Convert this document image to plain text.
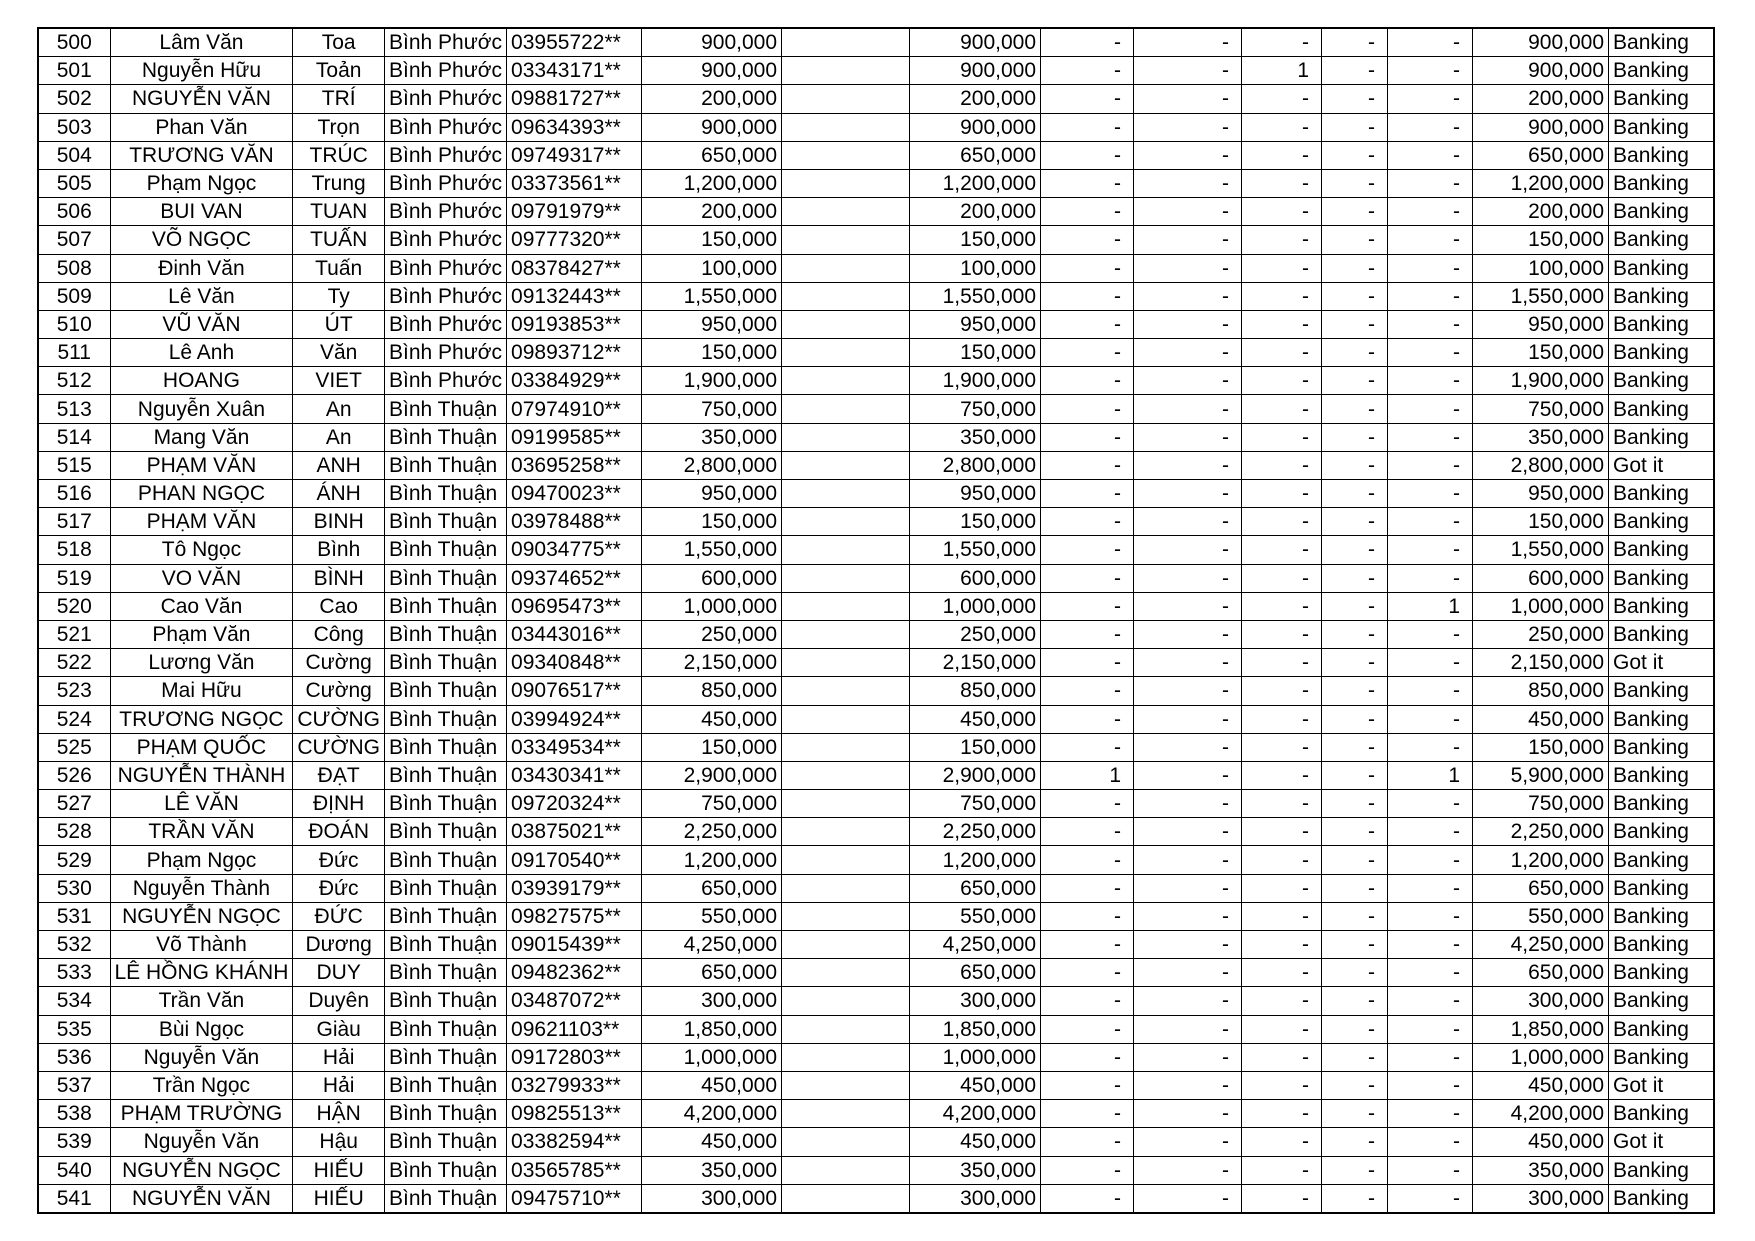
500	Lâm Văn	Toa	Bình Phước	03955722**	900,000		900,000	-	-	-	-	-	900,000	Banking
501	Nguyễn Hữu	Toản	Bình Phước	03343171**	900,000		900,000	-	-	1	-	-	900,000	Banking
502	NGUYỄN VĂN	TRÍ	Bình Phước	09881727**	200,000		200,000	-	-	-	-	-	200,000	Banking
503	Phan Văn	Trọn	Bình Phước	09634393**	900,000		900,000	-	-	-	-	-	900,000	Banking
504	TRƯƠNG VĂN	TRÚC	Bình Phước	09749317**	650,000		650,000	-	-	-	-	-	650,000	Banking
505	Phạm Ngọc	Trung	Bình Phước	03373561**	1,200,000		1,200,000	-	-	-	-	-	1,200,000	Banking
506	BUI VAN	TUAN	Bình Phước	09791979**	200,000		200,000	-	-	-	-	-	200,000	Banking
507	VÕ NGỌC	TUẤN	Bình Phước	09777320**	150,000		150,000	-	-	-	-	-	150,000	Banking
508	Đinh Văn	Tuấn	Bình Phước	08378427**	100,000		100,000	-	-	-	-	-	100,000	Banking
509	Lê Văn	Ty	Bình Phước	09132443**	1,550,000		1,550,000	-	-	-	-	-	1,550,000	Banking
510	VŨ VĂN	ÚT	Bình Phước	09193853**	950,000		950,000	-	-	-	-	-	950,000	Banking
511	Lê Anh	Văn	Bình Phước	09893712**	150,000		150,000	-	-	-	-	-	150,000	Banking
512	HOANG	VIET	Bình Phước	03384929**	1,900,000		1,900,000	-	-	-	-	-	1,900,000	Banking
513	Nguyễn Xuân	An	Bình Thuận	07974910**	750,000		750,000	-	-	-	-	-	750,000	Banking
514	Mang Văn	An	Bình Thuận	09199585**	350,000		350,000	-	-	-	-	-	350,000	Banking
515	PHẠM VĂN	ANH	Bình Thuận	03695258**	2,800,000		2,800,000	-	-	-	-	-	2,800,000	Got it
516	PHAN NGỌC	ÁNH	Bình Thuận	09470023**	950,000		950,000	-	-	-	-	-	950,000	Banking
517	PHẠM VĂN	BINH	Bình Thuận	03978488**	150,000		150,000	-	-	-	-	-	150,000	Banking
518	Tô Ngọc	Bình	Bình Thuận	09034775**	1,550,000		1,550,000	-	-	-	-	-	1,550,000	Banking
519	VO VĂN	BÌNH	Bình Thuận	09374652**	600,000		600,000	-	-	-	-	-	600,000	Banking
520	Cao Văn	Cao	Bình Thuận	09695473**	1,000,000		1,000,000	-	-	-	-	1	1,000,000	Banking
521	Phạm Văn	Công	Bình Thuận	03443016**	250,000		250,000	-	-	-	-	-	250,000	Banking
522	Lương Văn	Cường	Bình Thuận	09340848**	2,150,000		2,150,000	-	-	-	-	-	2,150,000	Got it
523	Mai Hữu	Cường	Bình Thuận	09076517**	850,000		850,000	-	-	-	-	-	850,000	Banking
524	TRƯƠNG NGỌC	CƯỜNG	Bình Thuận	03994924**	450,000		450,000	-	-	-	-	-	450,000	Banking
525	PHẠM QUỐC	CƯỜNG	Bình Thuận	03349534**	150,000		150,000	-	-	-	-	-	150,000	Banking
526	NGUYỄN THÀNH	ĐẠT	Bình Thuận	03430341**	2,900,000		2,900,000	1	-	-	-	1	5,900,000	Banking
527	LÊ VĂN	ĐỊNH	Bình Thuận	09720324**	750,000		750,000	-	-	-	-	-	750,000	Banking
528	TRẦN VĂN	ĐOÁN	Bình Thuận	03875021**	2,250,000		2,250,000	-	-	-	-	-	2,250,000	Banking
529	Phạm Ngọc	Đức	Bình Thuận	09170540**	1,200,000		1,200,000	-	-	-	-	-	1,200,000	Banking
530	Nguyễn Thành	Đức	Bình Thuận	03939179**	650,000		650,000	-	-	-	-	-	650,000	Banking
531	NGUYỄN NGỌC	ĐỨC	Bình Thuận	09827575**	550,000		550,000	-	-	-	-	-	550,000	Banking
532	Võ Thành	Dương	Bình Thuận	09015439**	4,250,000		4,250,000	-	-	-	-	-	4,250,000	Banking
533	LÊ HỒNG KHÁNH	DUY	Bình Thuận	09482362**	650,000		650,000	-	-	-	-	-	650,000	Banking
534	Trần Văn	Duyên	Bình Thuận	03487072**	300,000		300,000	-	-	-	-	-	300,000	Banking
535	Bùi Ngọc	Giàu	Bình Thuận	09621103**	1,850,000		1,850,000	-	-	-	-	-	1,850,000	Banking
536	Nguyễn Văn	Hải	Bình Thuận	09172803**	1,000,000		1,000,000	-	-	-	-	-	1,000,000	Banking
537	Trần Ngọc	Hải	Bình Thuận	03279933**	450,000		450,000	-	-	-	-	-	450,000	Got it
538	PHẠM TRƯỜNG	HẬN	Bình Thuận	09825513**	4,200,000		4,200,000	-	-	-	-	-	4,200,000	Banking
539	Nguyễn Văn	Hậu	Bình Thuận	03382594**	450,000		450,000	-	-	-	-	-	450,000	Got it
540	NGUYỄN NGỌC	HIẾU	Bình Thuận	03565785**	350,000		350,000	-	-	-	-	-	350,000	Banking
541	NGUYỄN VĂN	HIẾU	Bình Thuận	09475710**	300,000		300,000	-	-	-	-	-	300,000	Banking
